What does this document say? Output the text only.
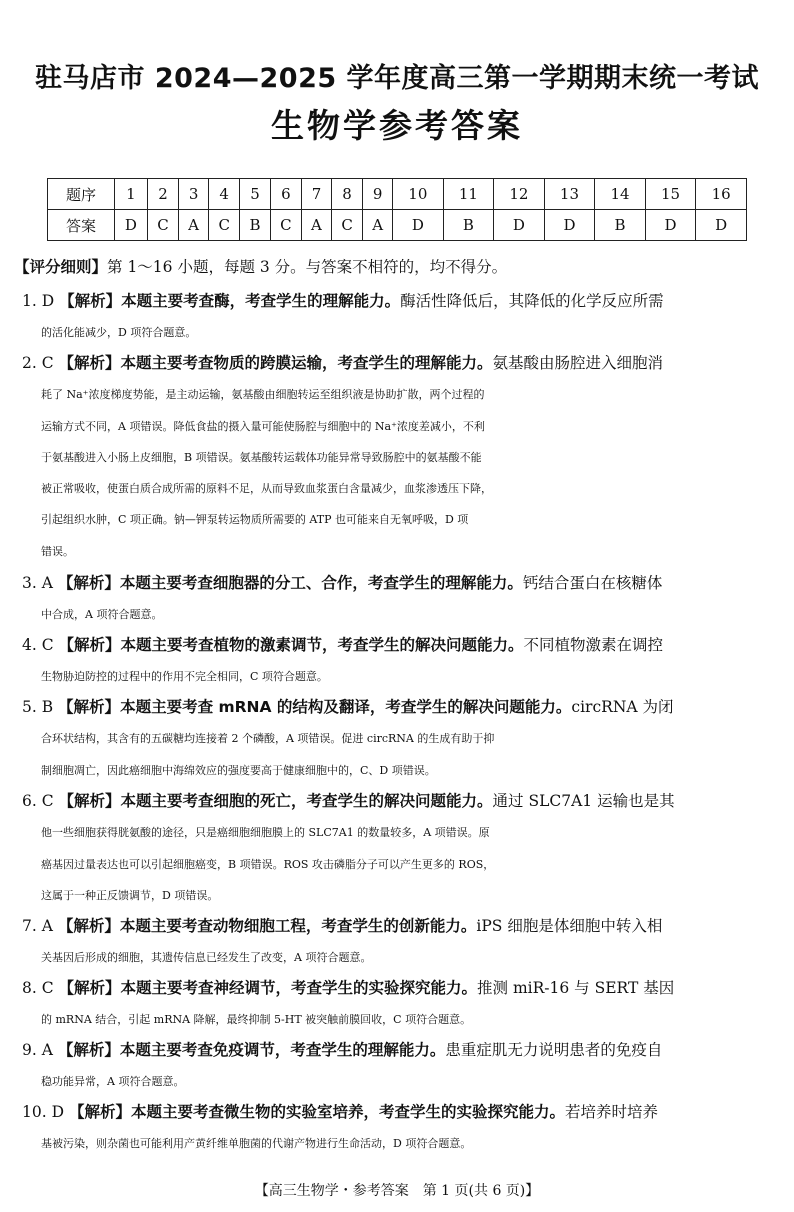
驻马店市 2024—2025 学年度高三第一学期期末统一考试
生物学参考答案
题序	1	2	3	4	5	6	7	8	9	10	11	12	13	14	15	16
答案	D	C	A	C	B	C	A	C	A	D	B	D	D	B	D	D
【评分细则】第 1～16 小题，每题 3 分。与答案不相符的，均不得分。
1. D 【解析】本题主要考查酶，考查学生的理解能力。酶活性降低后，其降低的化学反应所需
的活化能减少，D 项符合题意。
2. C 【解析】本题主要考查物质的跨膜运输，考查学生的理解能力。氨基酸由肠腔进入细胞消
耗了 Na⁺浓度梯度势能，是主动运输，氨基酸由细胞转运至组织液是协助扩散，两个过程的
运输方式不同，A 项错误。降低食盐的摄入量可能使肠腔与细胞中的 Na⁺浓度差减小，不利
于氨基酸进入小肠上皮细胞，B 项错误。氨基酸转运载体功能异常导致肠腔中的氨基酸不能
被正常吸收，使蛋白质合成所需的原料不足，从而导致血浆蛋白含量减少，血浆渗透压下降，
引起组织水肿，C 项正确。钠—钾泵转运物质所需要的 ATP 也可能来自无氧呼吸，D 项
错误。
3. A 【解析】本题主要考查细胞器的分工、合作，考查学生的理解能力。钙结合蛋白在核糖体
中合成，A 项符合题意。
4. C 【解析】本题主要考查植物的激素调节，考查学生的解决问题能力。不同植物激素在调控
生物胁迫防控的过程中的作用不完全相同，C 项符合题意。
5. B 【解析】本题主要考查 mRNA 的结构及翻译，考查学生的解决问题能力。circRNA 为闭
合环状结构，其含有的五碳糖均连接着 2 个磷酸，A 项错误。促进 circRNA 的生成有助于抑
制细胞凋亡，因此癌细胞中海绵效应的强度要高于健康细胞中的，C、D 项错误。
6. C 【解析】本题主要考查细胞的死亡，考查学生的解决问题能力。通过 SLC7A1 运输也是其
他一些细胞获得胱氨酸的途径，只是癌细胞细胞膜上的 SLC7A1 的数量较多，A 项错误。原
癌基因过量表达也可以引起细胞癌变，B 项错误。ROS 攻击磷脂分子可以产生更多的 ROS，
这属于一种正反馈调节，D 项错误。
7. A 【解析】本题主要考查动物细胞工程，考查学生的创新能力。iPS 细胞是体细胞中转入相
关基因后形成的细胞，其遗传信息已经发生了改变，A 项符合题意。
8. C 【解析】本题主要考查神经调节，考查学生的实验探究能力。推测 miR-16 与 SERT 基因
的 mRNA 结合，引起 mRNA 降解，最终抑制 5-HT 被突触前膜回收，C 项符合题意。
9. A 【解析】本题主要考查免疫调节，考查学生的理解能力。患重症肌无力说明患者的免疫自
稳功能异常，A 项符合题意。
10. D 【解析】本题主要考查微生物的实验室培养，考查学生的实验探究能力。若培养时培养
基被污染，则杂菌也可能利用产黄纤维单胞菌的代谢产物进行生命活动，D 项符合题意。
【高三生物学・参考答案　第 1 页(共 6 页)】
